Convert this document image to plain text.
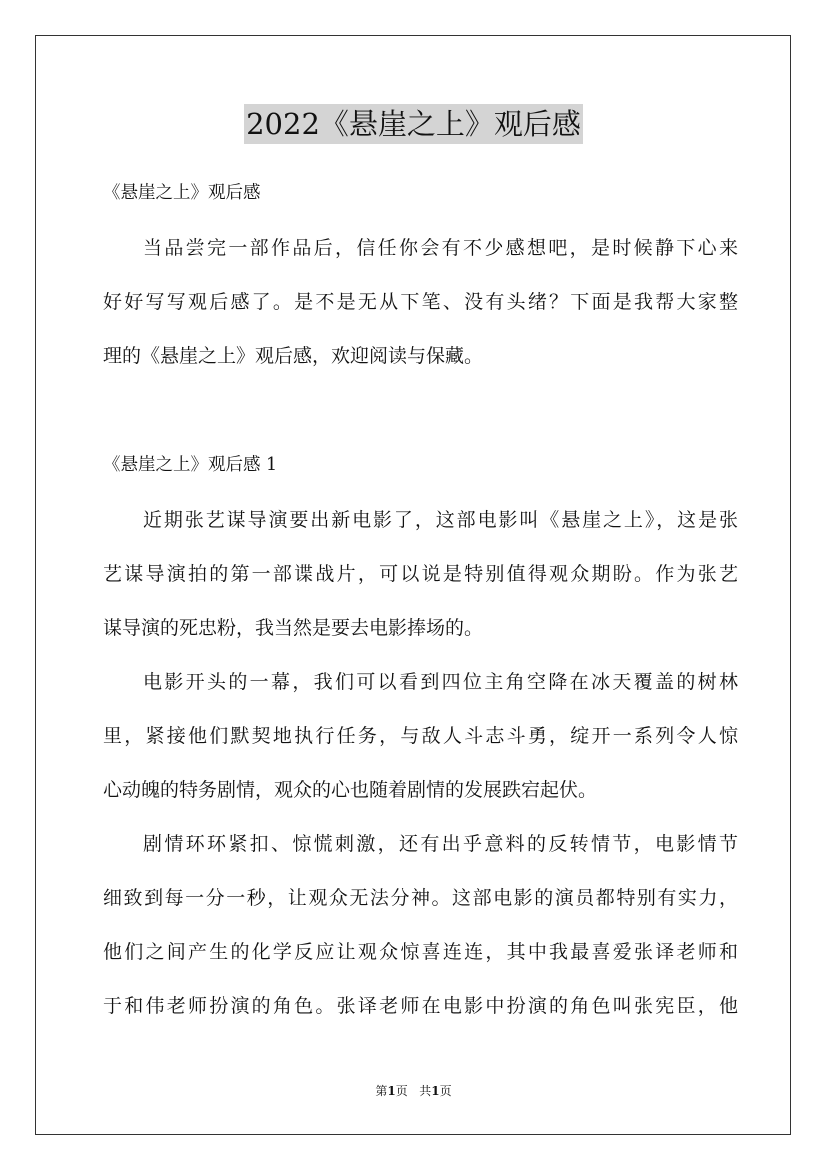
2022《悬崖之上》观后感
《悬崖之上》观后感
当品尝完一部作品后，信任你会有不少感想吧，是时候静下心来
好好写写观后感了。是不是无从下笔、没有头绪？下面是我帮大家整
理的《悬崖之上》观后感，欢迎阅读与保藏。
《悬崖之上》观后感 1
近期张艺谋导演要出新电影了，这部电影叫《悬崖之上》，这是张
艺谋导演拍的第一部谍战片，可以说是特别值得观众期盼。作为张艺
谋导演的死忠粉，我当然是要去电影捧场的。
电影开头的一幕，我们可以看到四位主角空降在冰天覆盖的树林
里，紧接他们默契地执行任务，与敌人斗志斗勇，绽开一系列令人惊
心动魄的特务剧情，观众的心也随着剧情的发展跌宕起伏。
剧情环环紧扣、惊慌刺激，还有出乎意料的反转情节，电影情节
细致到每一分一秒，让观众无法分神。这部电影的演员都特别有实力，
他们之间产生的化学反应让观众惊喜连连，其中我最喜爱张译老师和
于和伟老师扮演的角色。张译老师在电影中扮演的角色叫张宪臣，他
第1页 共1页
